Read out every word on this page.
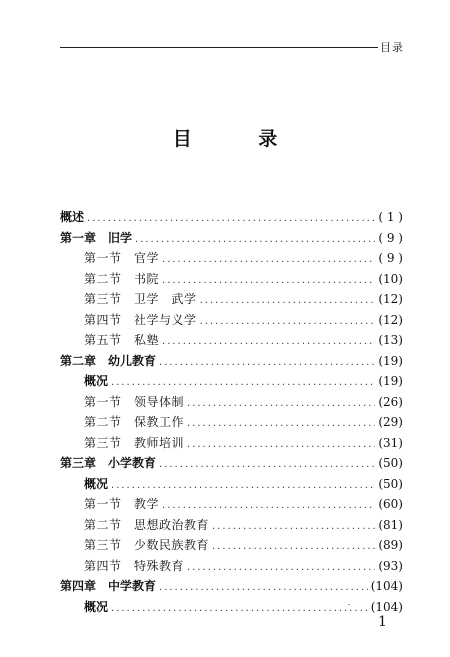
目录
目 录
概述 .....	( 1 )
第一章　旧学 .....	( 9 )
第一节　官学 .....	( 9 )
第二节　书院 .....	(10)
第三节　卫学　武学 .....	(12)
第四节　社学与义学 .....	(12)
第五节　私塾 .....	(13)
第二章　幼儿教育 .....	(19)
概况 .....	(19)
第一节　领导体制 .....	(26)
第二节　保教工作 .....	(29)
第三节　教师培训 .....	(31)
第三章　小学教育 .....	(50)
概况 .....	(50)
第一节　教学 .....	(60)
第二节　思想政治教育 .....	(81)
第三节　少数民族教育 .....	(89)
第四节　特殊教育 .....	(93)
第四章　中学教育 .....	(104)
概况 .....	(104)
1
